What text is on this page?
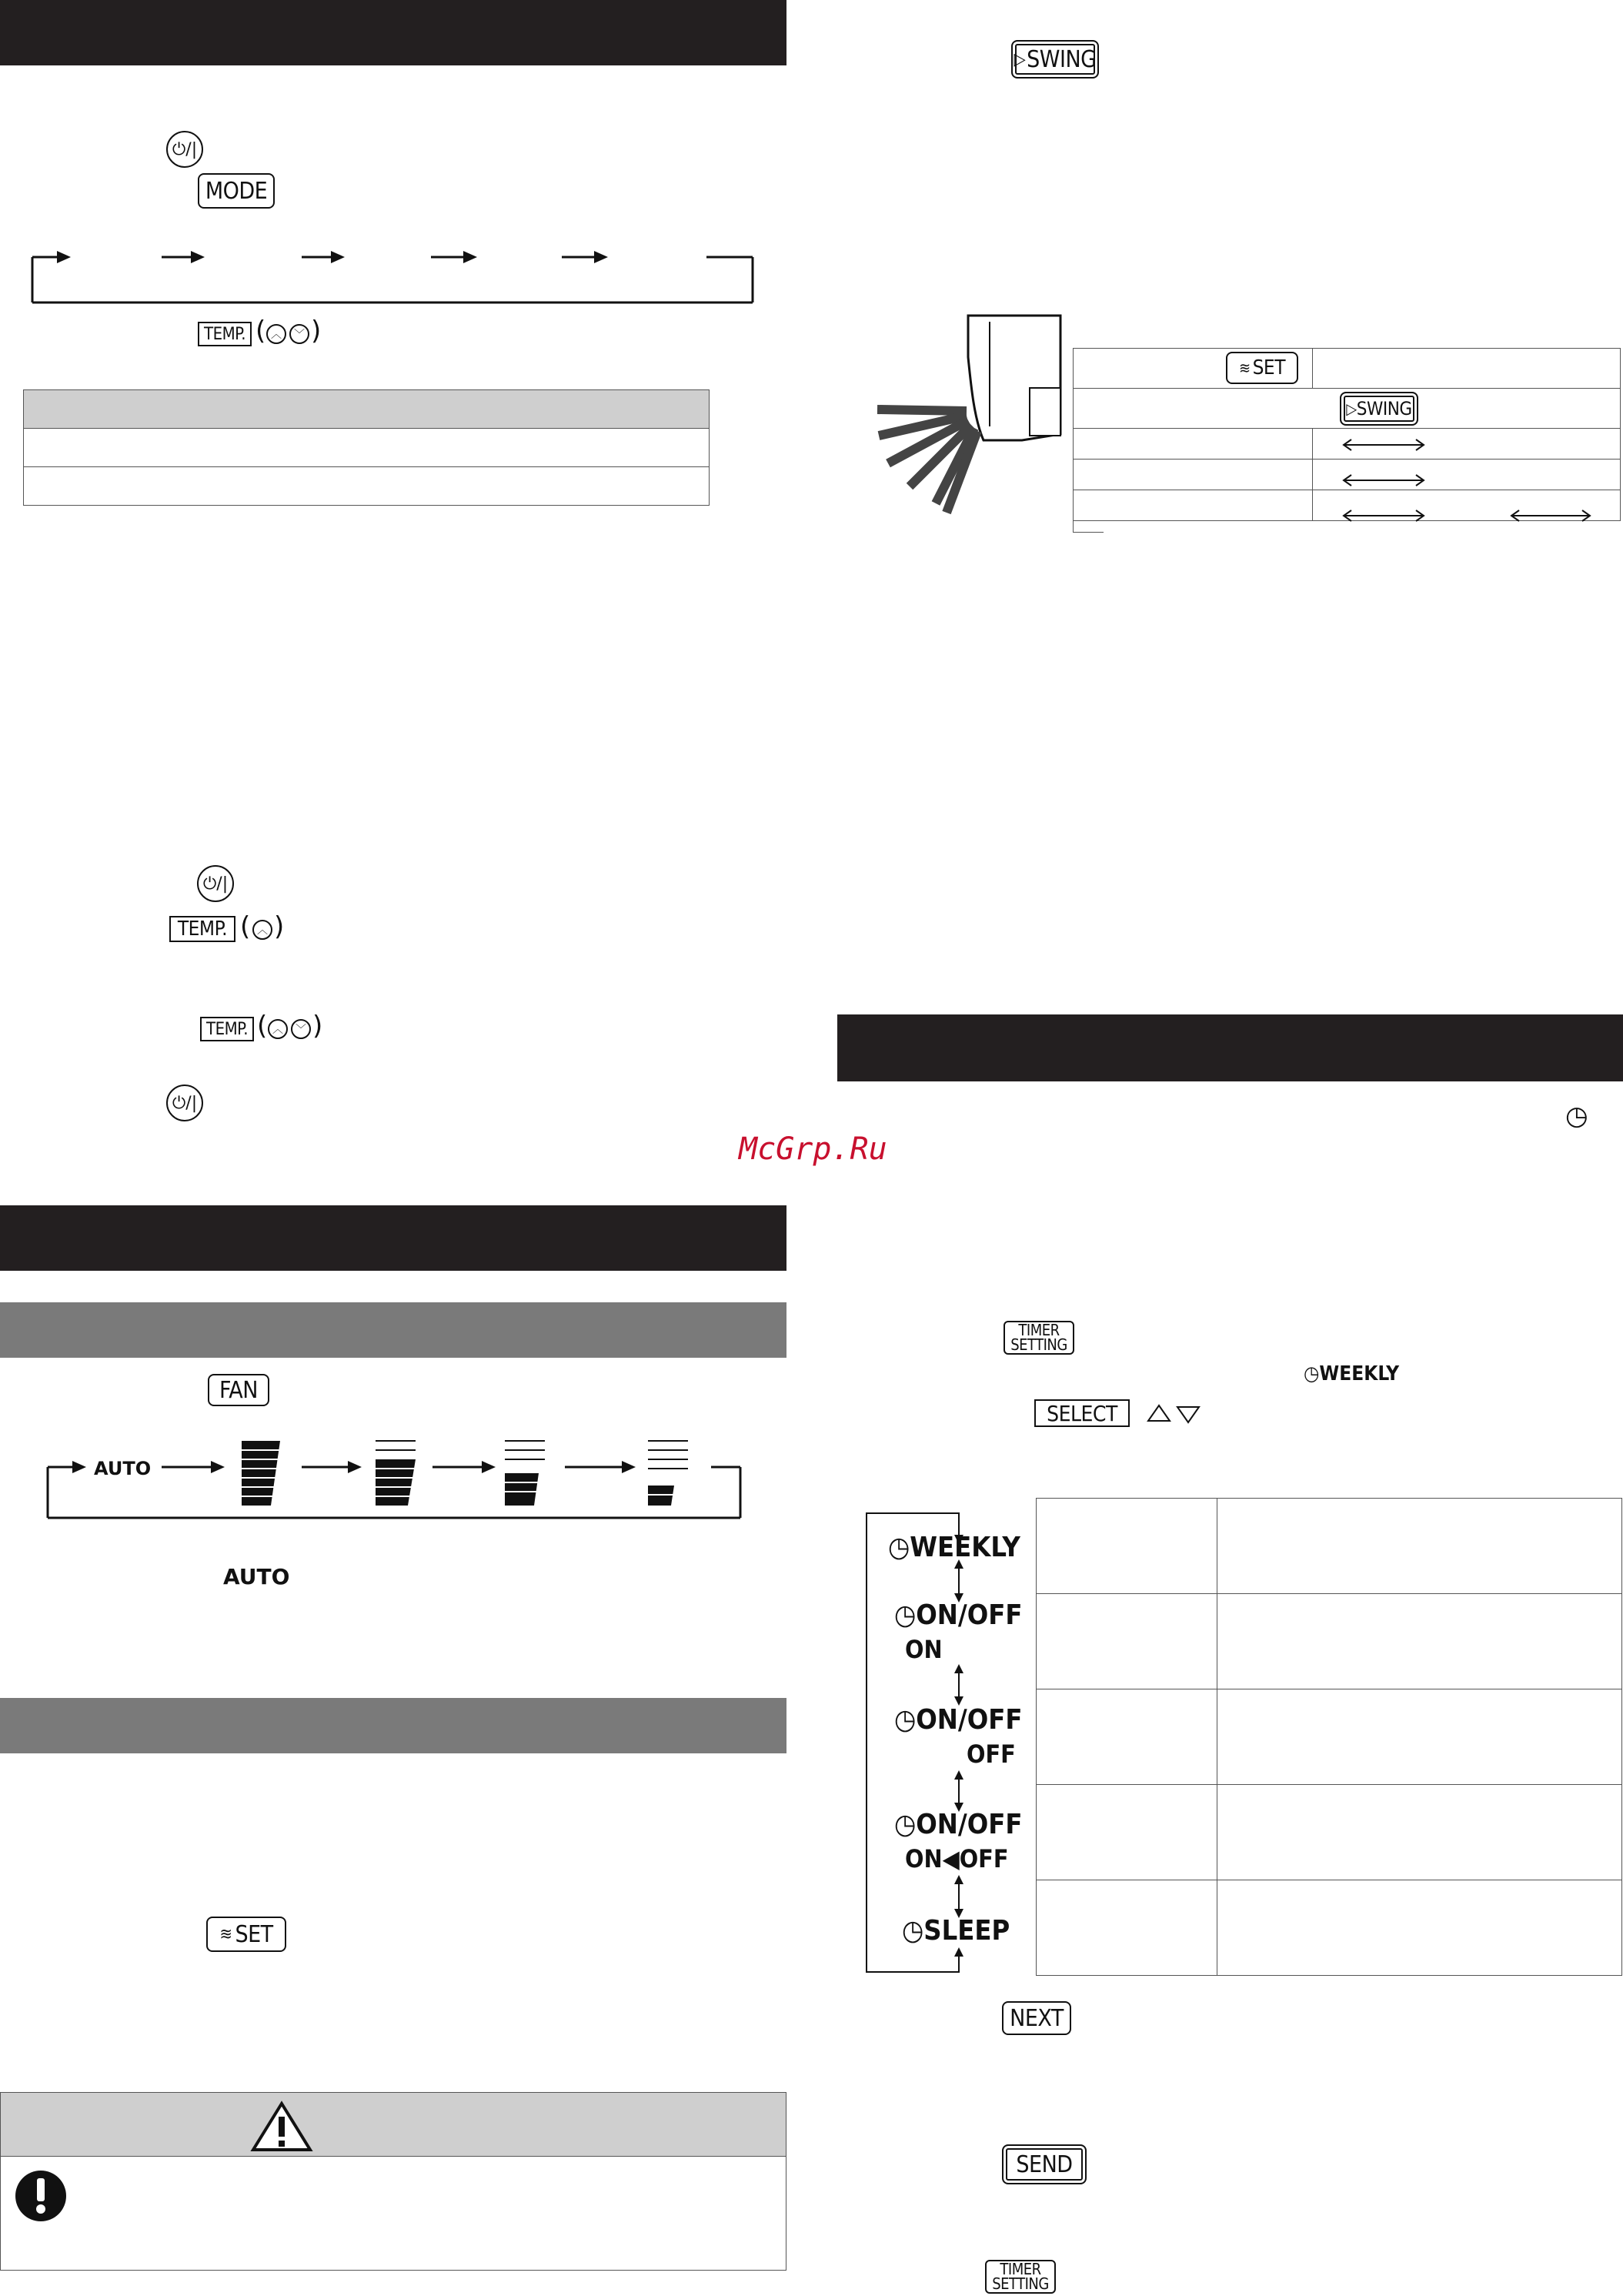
⏻/|
MODE
TEMP. ( ︿	﹀ )

⏻/|
TEMP. ( ︿ )
TEMP. ( ︿	﹀ )
⏻/|
FAN
AUTO
AUTO
≋ SET
▷ SWING
≋ SET	

▷ SWING	

◷
McGrp.Ru
TIMER
SETTING
◷WEEKLY
SELECT

◷WEEKLY
◷ON/OFF
ON
◷ON/OFF
OFF
◷ON/OFF
ON◀OFF
◷SLEEP
NEXT
SEND
TIMER
SETTING
